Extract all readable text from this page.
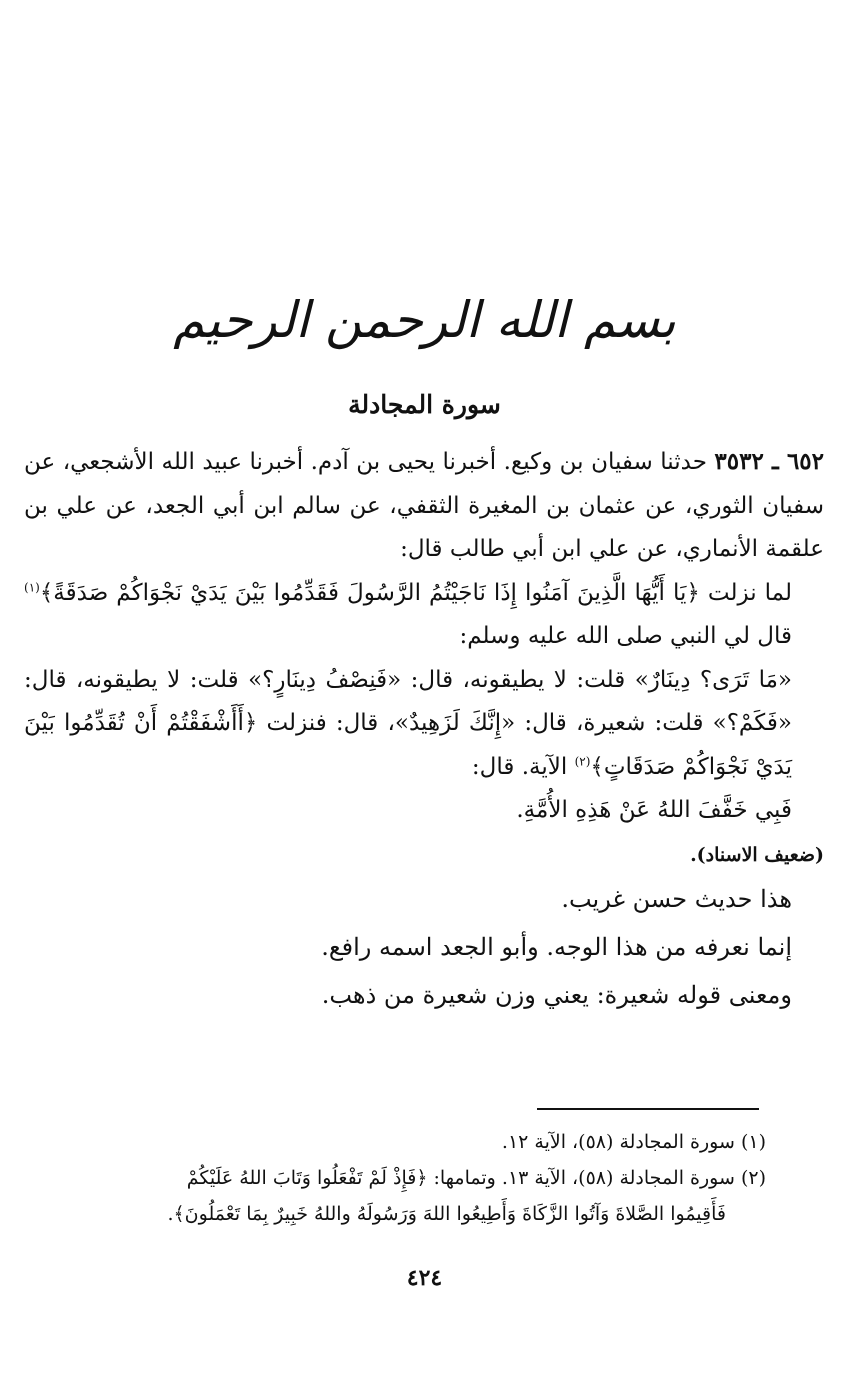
بسم الله الرحمن الرحيم
سورة المجادلة

٦٥٢ ـ ٣٥٣٢ حدثنا سفيان بن وكيع. أخبرنا يحيى بن آدم. أخبرنا عبيد الله الأشجعي، عن سفيان الثوري، عن عثمان بن المغيرة الثقفي، عن سالم ابن أبي الجعد، عن علي بن علقمة الأنماري، عن علي ابن أبي طالب قال:

لما نزلت ﴿يَا أَيُّهَا الَّذِينَ آمَنُوا إِذَا نَاجَيْتُمُ الرَّسُولَ فَقَدِّمُوا بَيْنَ يَدَيْ نَجْوَاكُمْ صَدَقَةً﴾$^{(١)}$ قال لي النبي صلى الله عليه وسلم:

«مَا تَرَى؟ دِينَارٌ» قلت: لا يطيقونه، قال: «فَنِصْفُ دِينَارٍ؟» قلت: لا يطيقونه، قال: «فَكَمْ؟» قلت: شعيرة، قال: «إِنَّكَ لَزَهِيدٌ»، قال: فنزلت ﴿أَأَشْفَقْتُمْ أَنْ تُقَدِّمُوا بَيْنَ يَدَيْ نَجْوَاكُمْ صَدَقَاتٍ﴾$^{(٢)}$ الآية. قال:

فَبِي خَفَّفَ اللهُ عَنْ هَذِهِ الأُمَّةِ.

(ضعيف الاسناد).

هذا حديث حسن غريب.

إنما نعرفه من هذا الوجه. وأبو الجعد اسمه رافع.

ومعنى قوله شعيرة: يعني وزن شعيرة من ذهب.

(١) سورة المجادلة (٥٨)، الآية ١٢.

(٢) سورة المجادلة (٥٨)، الآية ١٣. وتمامها: ﴿فَإِذْ لَمْ تَفْعَلُوا وَتَابَ اللهُ عَلَيْكُمْ

فَأَقِيمُوا الصَّلاةَ وَآتُوا الزَّكَاةَ وَأَطِيعُوا اللهَ وَرَسُولَهُ واللهُ خَبِيرٌ بِمَا تَعْمَلُونَ﴾.

٤٢٤
